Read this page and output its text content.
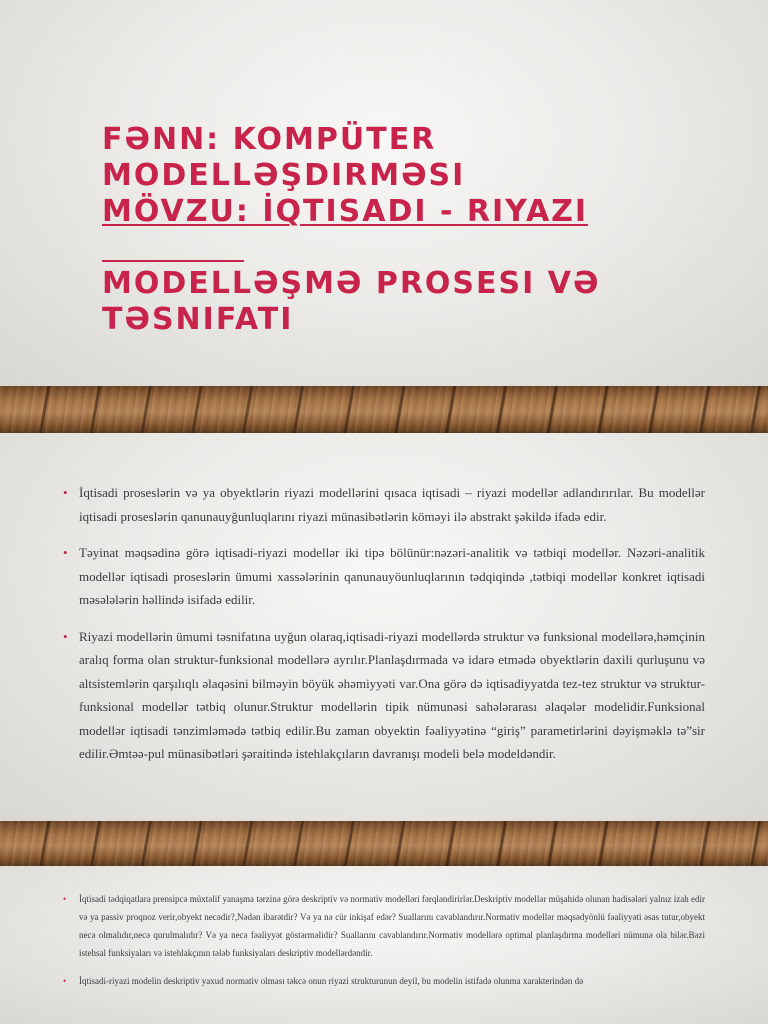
FƏNN: KOMPÜTER
MODELLƏŞDIRMƏSI
MÖVZU: İQTISADI - RIYAZI
MODELLƏŞMƏ PROSESI VƏ
TƏSNIFATI
• İqtisadi proseslərin və ya obyektlərin riyazi modellərini qısaca iqtisadi – riyazi modellər adlandırırılar. Bu modellər iqtisadi proseslərin qanunauyğunluqlarını riyazi münasibətlərin köməyi ilə abstrakt şəkildə ifadə edir.
• Təyinat məqsədinə görə iqtisadi-riyazi modellər iki tipə bölünür:nəzəri-analitik və tətbiqi modellər. Nəzəri-analitik modellər iqtisadi proseslərin ümumi xassələrinin qanunauyöunluqlarının tədqiqində ,tətbiqi modellər konkret iqtisadi məsələlərin həllində isifadə edilir.
• Riyazi modellərin ümumi təsnifatına uyğun olaraq,iqtisadi-riyazi modellərdə struktur və funksional modellərə,həmçinin aralıq forma olan struktur-funksional modellərə ayrılır.Planlaşdırmada və idarə etmədə obyektlərin daxili qurluşunu və altsistemlərin qarşılıqlı əlaqəsini bilməyin böyük əhəmiyyəti var.Ona görə də iqtisadiyyatda tez-tez struktur və struktur-funksional modellər tətbiq olunur.Struktur modellərin tipik nümunəsi sahələrarası əlaqələr modelidir.Funksional modellər iqtisadi tənzimləmədə tətbiq edilir.Bu zaman obyektin fəaliyyətinə “giriş” parametirlərini dəyişməklə tə”sir edilir.Əmtəə-pul münasibətləri şəraitində istehlakçıların davranışı modeli belə modeldəndir.
• İqtisadi tədqiqatlara prensipcə müxtəlif yanaşma tərzinə görə deskriptiv və normativ modelləri fərqləndirirlər.Deskriptiv modellər müşahidə olunan hadisələri yalnız izah edir və ya passiv proqnoz verir,obyekt necədir?,Nədən ibarətdir? Və ya nə cür inkişaf edər? Suallarını cavablandırır.Normativ modellər məqsədyönlü fəaliyyəti əsas tutur,obyekt necə olmalıdır,necə qurulmalıdır? Və ya necə fəaliyyət göstərməlidir? Suallarını cavablandırır.Normativ modellərə optimal planlaşdırma modelləri nümunə ola bilər.Bəzi istehsal funksiyaları və istehlakçının tələb funksiyaları deskriptiv modellərdəndir.
• İqtisadi-riyazi modelin deskriptiv yaxud normativ olması təkcə onun riyazi strukturunun deyil, bu modelin istifadə olunma xarakterindən də
